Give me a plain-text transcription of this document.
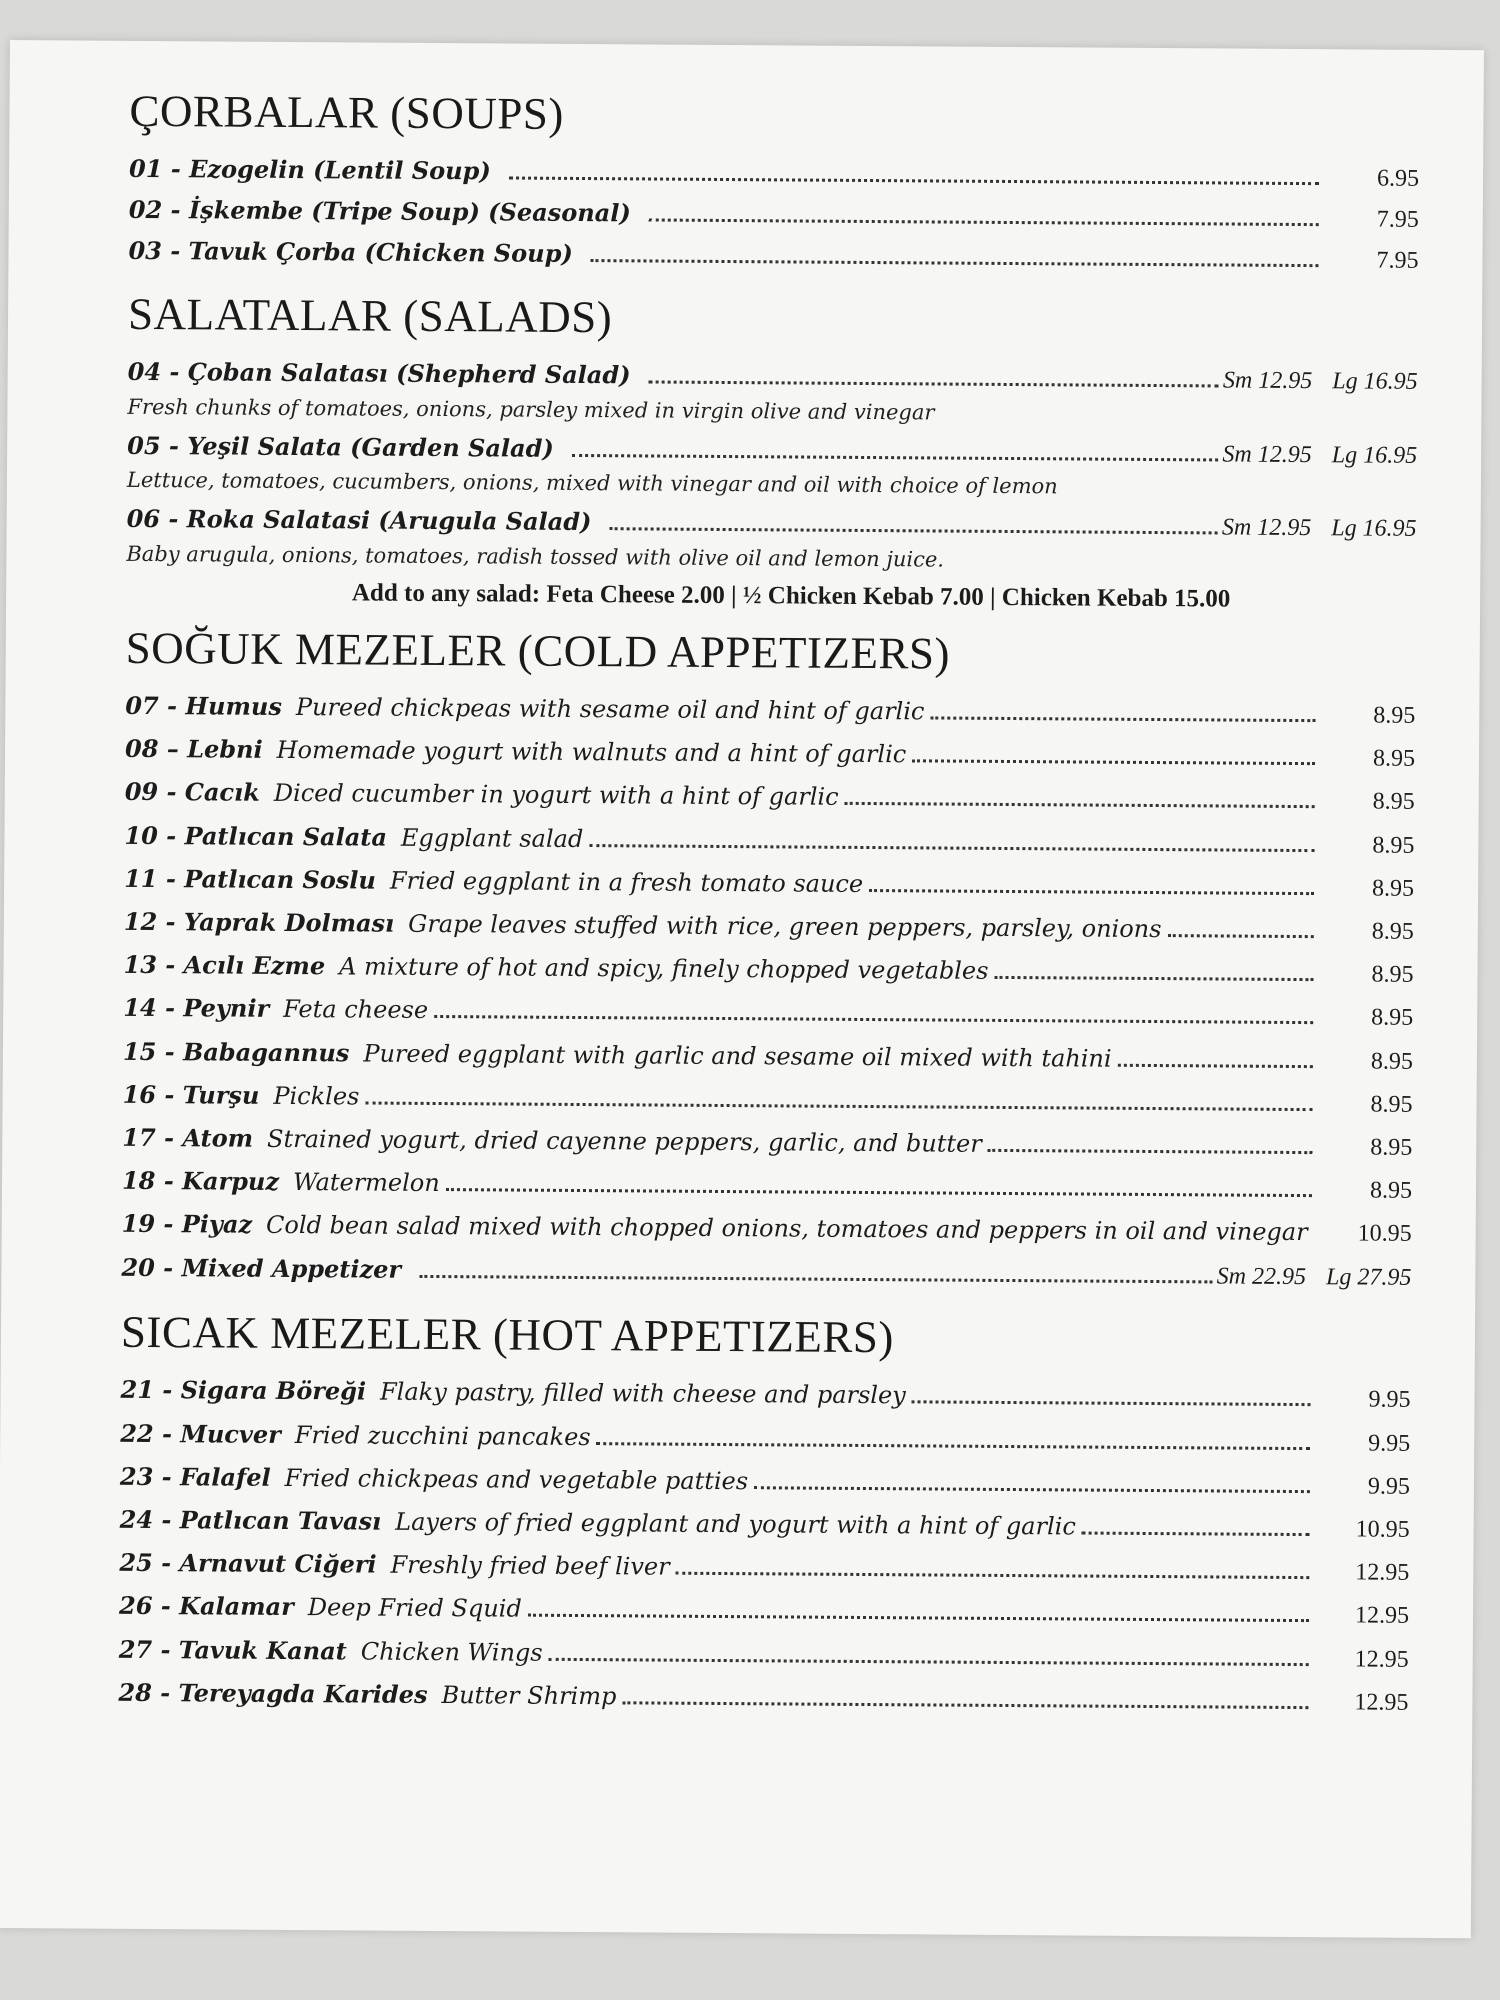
ÇORBALAR (SOUPS)
01 - Ezogelin (Lentil Soup)	6.95
02 - İşkembe (Tripe Soup) (Seasonal)	7.95
03 - Tavuk Çorba (Chicken Soup)	7.95
SALATALAR (SALADS)
04 - Çoban Salatası (Shepherd Salad)	Sm 12.95 Lg 16.95
Fresh chunks of tomatoes, onions, parsley mixed in virgin olive and vinegar
05 - Yeşil Salata (Garden Salad)	Sm 12.95 Lg 16.95
Lettuce, tomatoes, cucumbers, onions, mixed with vinegar and oil with choice of lemon
06 - Roka Salatasi (Arugula Salad)	Sm 12.95 Lg 16.95
Baby arugula, onions, tomatoes, radish tossed with olive oil and lemon juice.
Add to any salad: Feta Cheese 2.00 | ½ Chicken Kebab 7.00 | Chicken Kebab 15.00
SOĞUK MEZELER (COLD APPETIZERS)
07 - Humus Pureed chickpeas with sesame oil and hint of garlic	8.95
08 – Lebni Homemade yogurt with walnuts and a hint of garlic	8.95
09 - Cacık Diced cucumber in yogurt with a hint of garlic	8.95
10 - Patlıcan Salata Eggplant salad	8.95
11 - Patlıcan Soslu Fried eggplant in a fresh tomato sauce	8.95
12 - Yaprak Dolması Grape leaves stuffed with rice, green peppers, parsley, onions	8.95
13 - Acılı Ezme A mixture of hot and spicy, finely chopped vegetables	8.95
14 - Peynir Feta cheese	8.95
15 - Babagannus Pureed eggplant with garlic and sesame oil mixed with tahini	8.95
16 - Turşu Pickles	8.95
17 - Atom Strained yogurt, dried cayenne peppers, garlic, and butter	8.95
18 - Karpuz Watermelon	8.95
19 - Piyaz Cold bean salad mixed with chopped onions, tomatoes and peppers in oil and vinegar	10.95
20 - Mixed Appetizer	Sm 22.95 Lg 27.95
SICAK MEZELER (HOT APPETIZERS)
21 - Sigara Böreği Flaky pastry, filled with cheese and parsley	9.95
22 - Mucver Fried zucchini pancakes	9.95
23 - Falafel Fried chickpeas and vegetable patties	9.95
24 - Patlıcan Tavası Layers of fried eggplant and yogurt with a hint of garlic	10.95
25 - Arnavut Ciğeri Freshly fried beef liver	12.95
26 - Kalamar Deep Fried Squid	12.95
27 - Tavuk Kanat Chicken Wings	12.95
28 - Tereyagda Karides Butter Shrimp	12.95
